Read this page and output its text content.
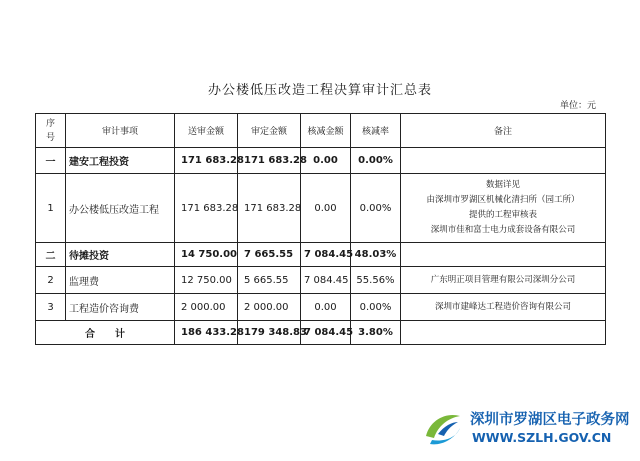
办公楼低压改造工程决算审计汇总表
单位：元
序号	审计事项	送审金额	审定金额	核减金额	核减率	备注
一	建安工程投资	171 683.28	171 683.28	0.00	0.00%	
1	办公楼低压改造工程	171 683.28	171 683.28	0.00	0.00%	数据详见
由深圳市罗湖区机械化清扫所（园工所）
提供的工程审核表
深圳市佳和富士电力成套设备有限公司

二	待摊投资	14 750.00	7 665.55	7 084.45	48.03%	
2	监理费	12 750.00	5 665.55	7 084.45	55.56%	广东明正项目管理有限公司深圳分公司

3	工程造价咨询费	2 000.00	2 000.00	0.00	0.00%	深圳市建峰达工程造价咨询有限公司

合　　计		186 433.28	179 348.83	7 084.45	3.80%	
深圳市罗湖区电子政务网
WWW.SZLH.GOV.CN
